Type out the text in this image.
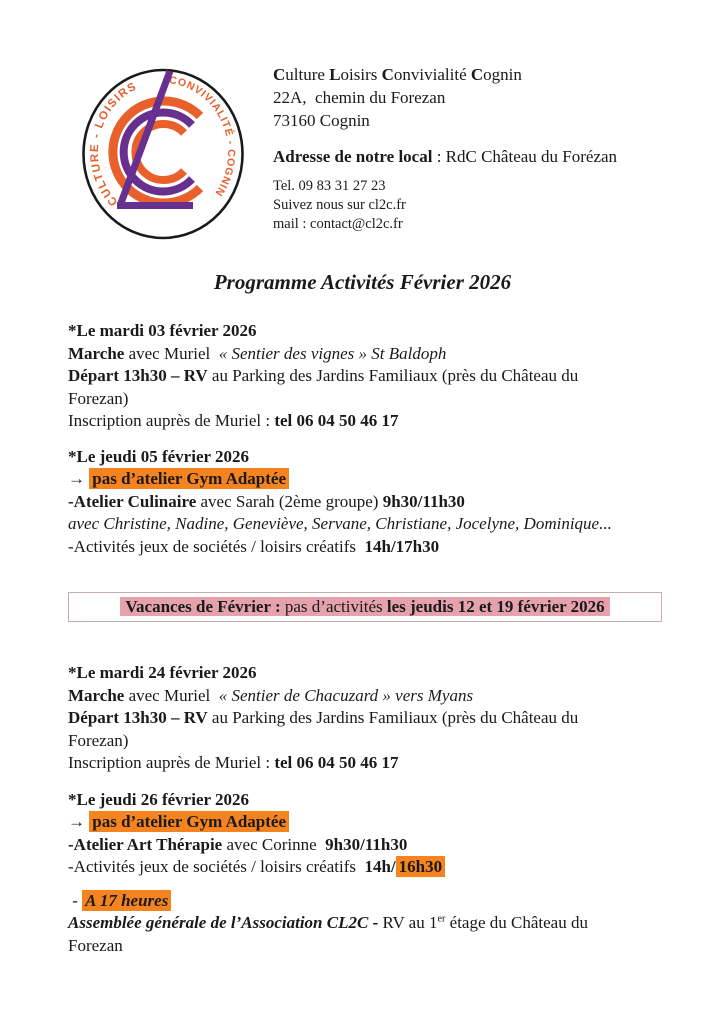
CULTURE - LOISIRS	CONVIVIALITÉ - COGNIN
Culture Loisirs Convivialité Cognin
22A,  chemin du Forezan
73160 Cognin
Adresse de notre local : RdC Château du Forézan
Tel. 09 83 31 27 23
Suivez nous sur cl2c.fr
mail : contact@cl2c.fr
Programme Activités Février 2026
*Le mardi 03 février 2026
Marche avec Muriel  « Sentier des vignes » St Baldoph
Départ 13h30 – RV au Parking des Jardins Familiaux (près du Château du
Forezan)
Inscription auprès de Muriel : tel 06 04 50 46 17
*Le jeudi 05 février 2026
→ pas d’atelier Gym Adaptée
-Atelier Culinaire avec Sarah (2ème groupe) 9h30/11h30
avec Christine, Nadine, Geneviève, Servane, Christiane, Jocelyne, Dominique...
-Activités jeux de sociétés / loisirs créatifs  14h/17h30
Vacances de Février : pas d’activités les jeudis 12 et 19 février 2026
*Le mardi 24 février 2026
Marche avec Muriel  « Sentier de Chacuzard » vers Myans
Départ 13h30 – RV au Parking des Jardins Familiaux (près du Château du
Forezan)
Inscription auprès de Muriel : tel 06 04 50 46 17
*Le jeudi 26 février 2026
→ pas d’atelier Gym Adaptée
-Atelier Art Thérapie avec Corinne  9h30/11h30
-Activités jeux de sociétés / loisirs créatifs  14h/ 16h30
- A 17 heures
Assemblée générale de l’Association CL2C - RV au 1er étage du Château du
Forezan
